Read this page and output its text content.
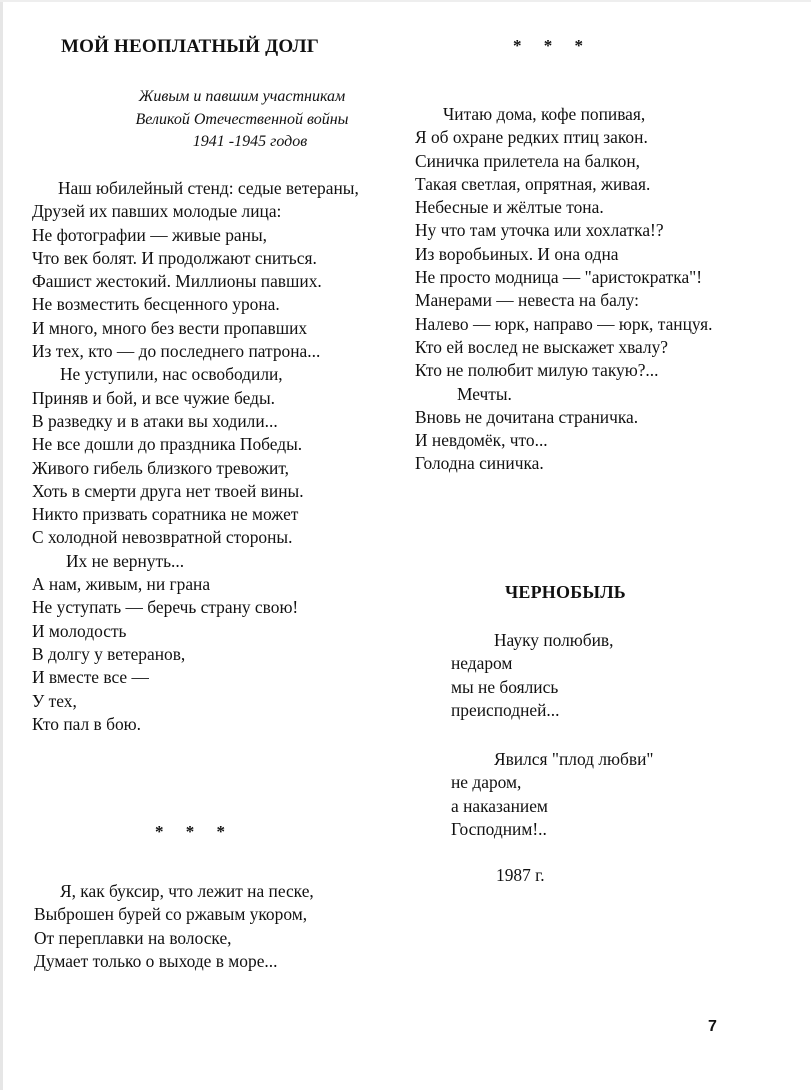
МОЙ НЕОПЛАТНЫЙ ДОЛГ
Живым и павшим участникам
Великой Отечественной войны
1941 -1945 годов
Наш юбилейный стенд: седые ветераны,
Друзей их павших молодые лица:
Не фотографии — живые раны,
Что век болят. И продолжают сниться.
Фашист жестокий. Миллионы павших.
Не возместить бесценного урона.
И много, много без вести пропавших
Из тех, кто — до последнего патрона...
Не уступили, нас освободили,
Приняв и бой, и все чужие беды.
В разведку и в атаки вы ходили...
Не все дошли до праздника Победы.
Живого гибель близкого тревожит,
Хоть в смерти друга нет твоей вины.
Никто призвать соратника не может
С холодной невозвратной стороны.
Их не вернуть...
А нам, живым, ни грана
Не уступать — беречь страну свою!
И молодость
В долгу у ветеранов,
И вместе все —
У тех,
Кто пал в бою.
* * *
Я, как буксир, что лежит на песке,
Выброшен бурей со ржавым укором,
От переплавки на волоске,
Думает только о выходе в море...
* * *
Читаю дома, кофе попивая,
Я об охране редких птиц закон.
Синичка прилетела на балкон,
Такая светлая, опрятная, живая.
Небесные и жёлтые тона.
Ну что там уточка или хохлатка!?
Из воробьиных. И она одна
Не просто модница — "аристократка"!
Манерами — невеста на балу:
Налево — юрк, направо — юрк, танцуя.
Кто ей вослед не выскажет хвалу?
Кто не полюбит милую такую?...
Мечты.
Вновь не дочитана страничка.
И невдомёк, что...
Голодна синичка.
ЧЕРНОБЫЛЬ
Науку полюбив,
недаром
мы не боялись
преисподней...
Явился "плод любви"
не даром,
а наказанием
Господним!..
1987 г.
7
